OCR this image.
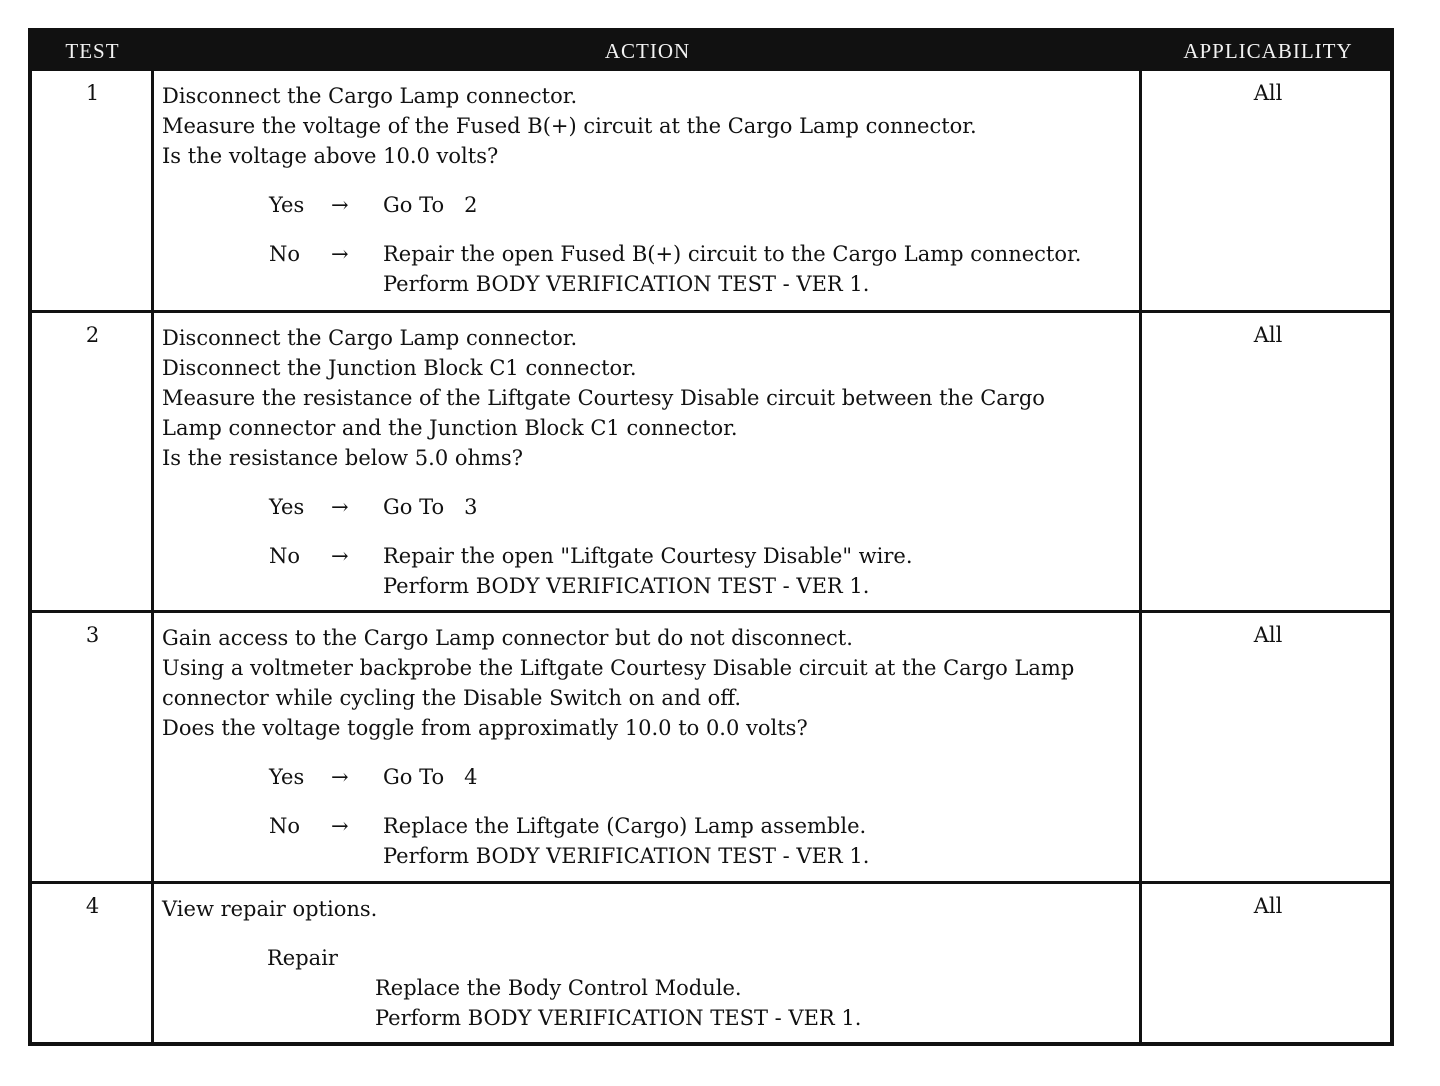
TEST	ACTION	APPLICABILITY
1	Disconnect the Cargo Lamp connector.
Measure the voltage of the Fused B(+) circuit at the Cargo Lamp connector.
Is the voltage above 10.0 volts?
Yes → Go To   2
No → Repair the open Fused B(+) circuit to the Cargo Lamp connector.
Perform BODY VERIFICATION TEST - VER 1.
All
2	Disconnect the Cargo Lamp connector.
Disconnect the Junction Block C1 connector.
Measure the resistance of the Liftgate Courtesy Disable circuit between the Cargo
Lamp connector and the Junction Block C1 connector.
Is the resistance below 5.0 ohms?
Yes → Go To   3
No → Repair the open "Liftgate Courtesy Disable" wire.
Perform BODY VERIFICATION TEST - VER 1.
All
3	Gain access to the Cargo Lamp connector but do not disconnect.
Using a voltmeter backprobe the Liftgate Courtesy Disable circuit at the Cargo Lamp
connector while cycling the Disable Switch on and off.
Does the voltage toggle from approximatly 10.0 to 0.0 volts?
Yes → Go To   4
No → Replace the Liftgate (Cargo) Lamp assemble.
Perform BODY VERIFICATION TEST - VER 1.
All
4	View repair options.
Repair
Replace the Body Control Module.
Perform BODY VERIFICATION TEST - VER 1.
All
